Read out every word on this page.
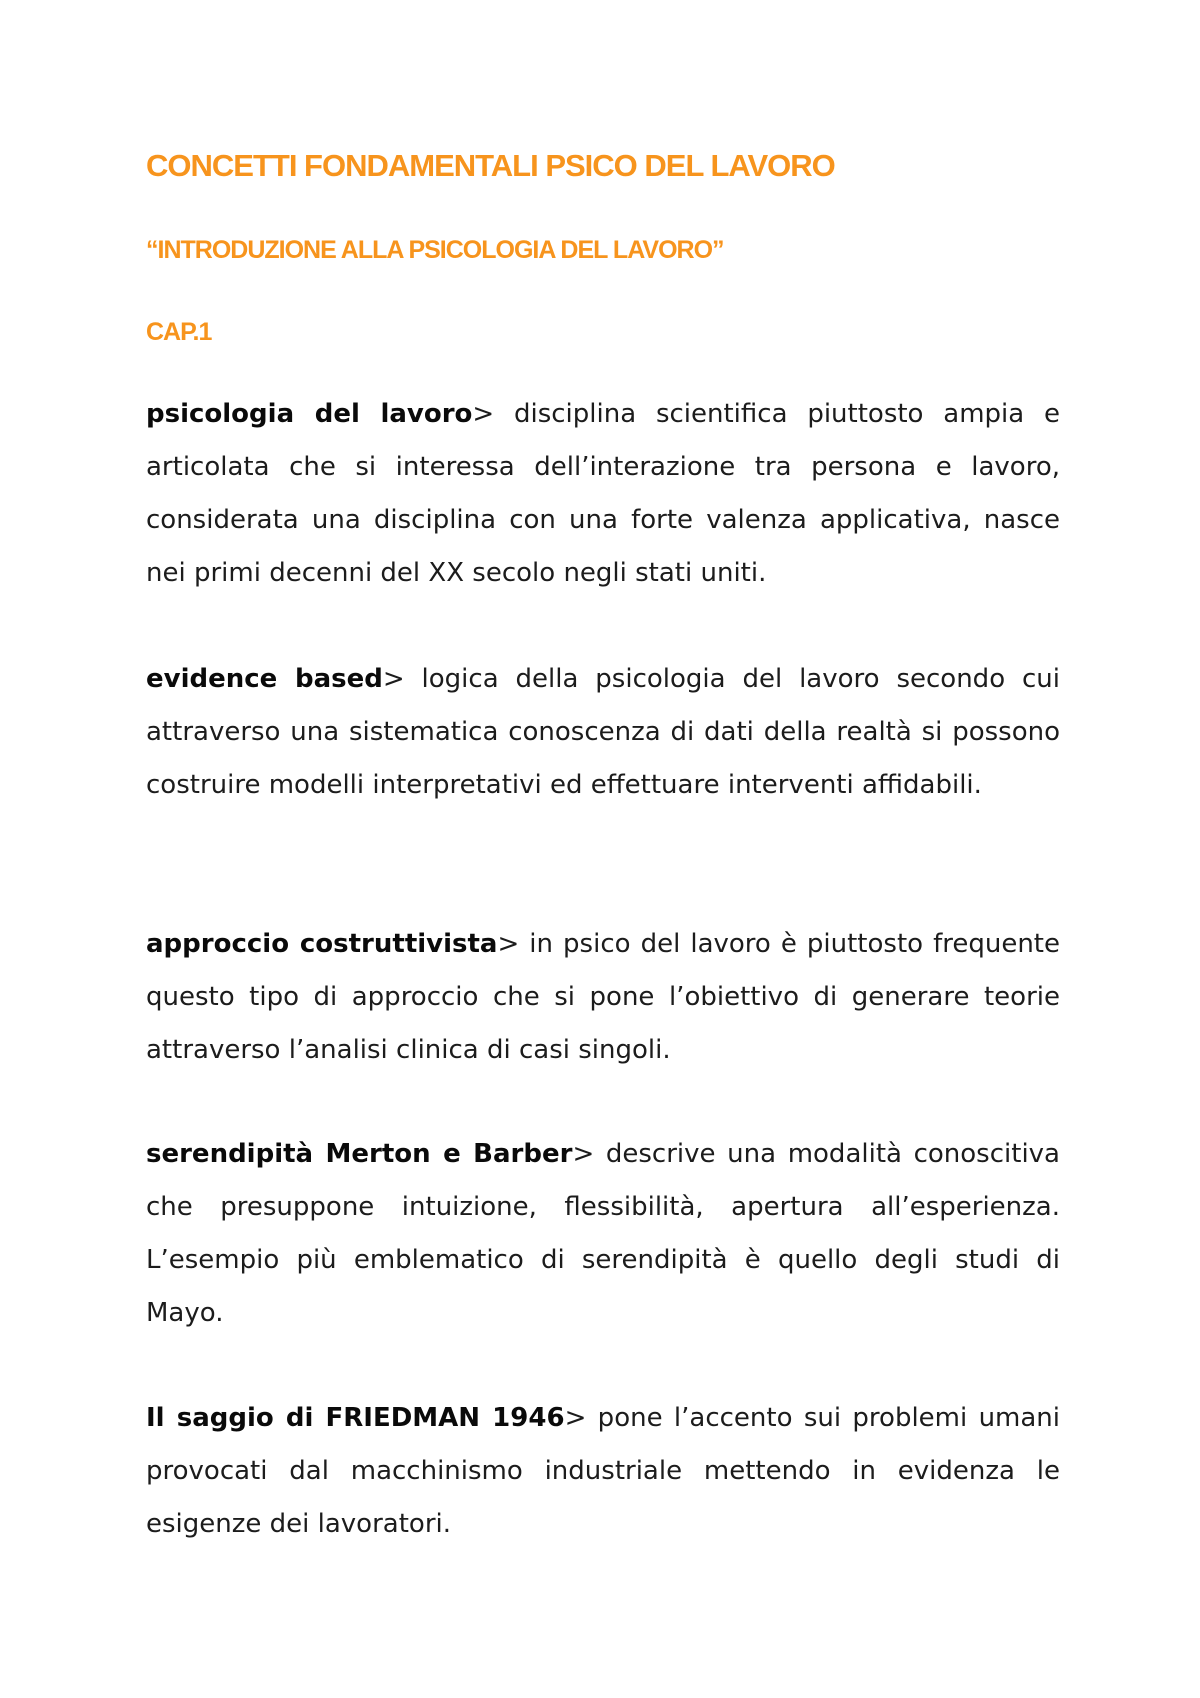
CONCETTI FONDAMENTALI PSICO DEL LAVORO
“INTRODUZIONE ALLA PSICOLOGIA DEL LAVORO”
CAP.1

psicologia del lavoro> disciplina scientifica piuttosto ampia e articolata che si interessa dell’interazione tra persona e lavoro, considerata una disciplina con una forte valenza applicativa, nasce nei primi decenni del XX secolo negli stati uniti.

evidence based> logica della psicologia del lavoro secondo cui attraverso una sistematica conoscenza di dati della realtà si possono costruire modelli interpretativi ed effettuare interventi affidabili.

approccio costruttivista> in psico del lavoro è piuttosto frequente questo tipo di approccio che si pone l’obiettivo di generare teorie attraverso l’analisi clinica di casi singoli.

serendipità Merton e Barber> descrive una modalità conoscitiva che presuppone intuizione, flessibilità, apertura all’esperienza. L’esempio più emblematico di serendipità è quello degli studi di Mayo.

Il saggio di FRIEDMAN 1946> pone l’accento sui problemi umani provocati dal macchinismo industriale mettendo in evidenza le esigenze dei lavoratori.
